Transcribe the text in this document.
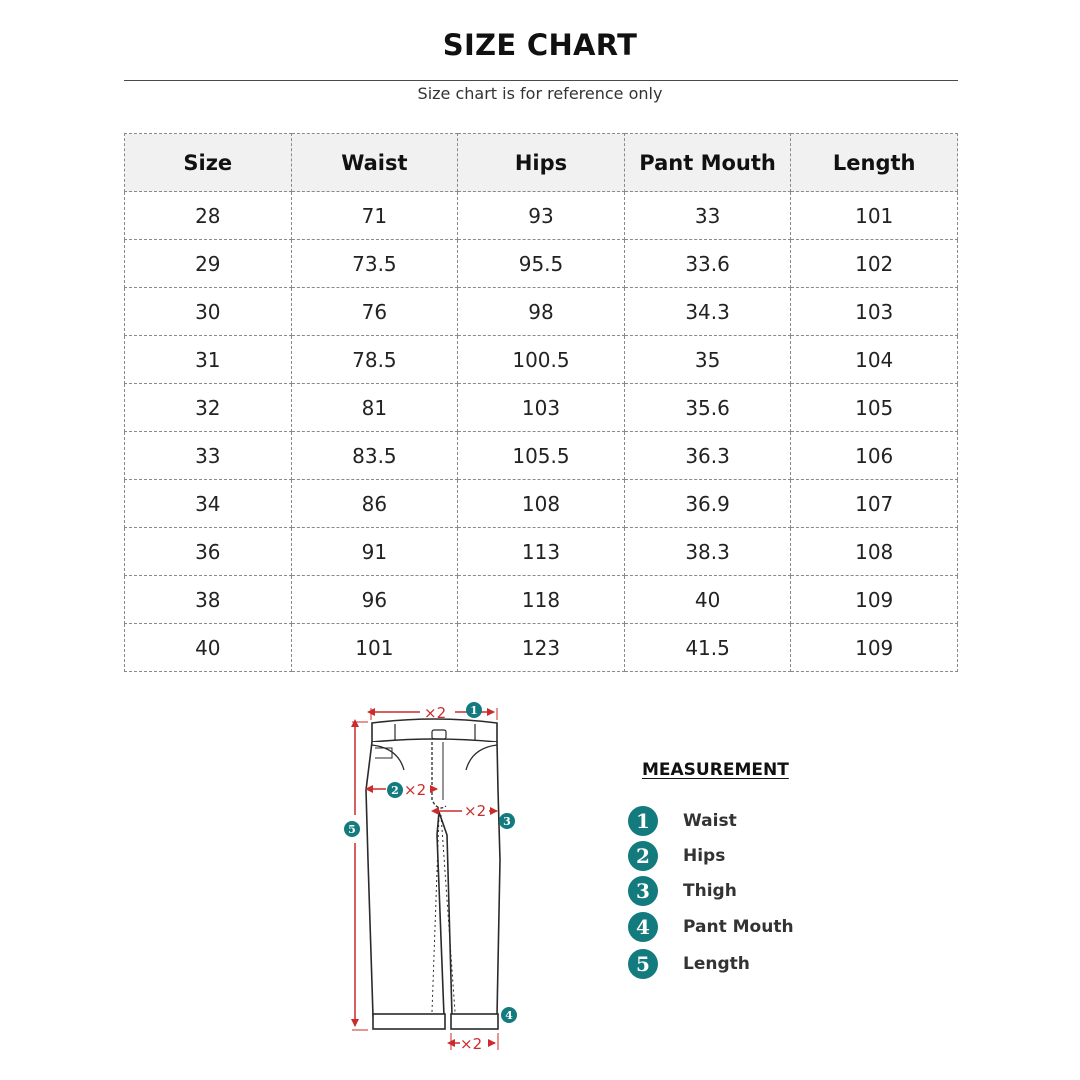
SIZE CHART
Size chart is for reference only
Size	Waist	Hips	Pant Mouth	Length
28	71	93	33	101
29	73.5	95.5	33.6	102
30	76	98	34.3	103
31	78.5	100.5	35	104
32	81	103	35.6	105
33	83.5	105.5	36.3	106
34	86	108	36.9	107
36	91	113	38.3	108
38	96	118	40	109
40	101	123	41.5	109
×2
×2
×2
×2
1
2
3
4
5
MEASUREMENT
1	Waist
2	Hips
3	Thigh
4	Pant Mouth
5	Length
